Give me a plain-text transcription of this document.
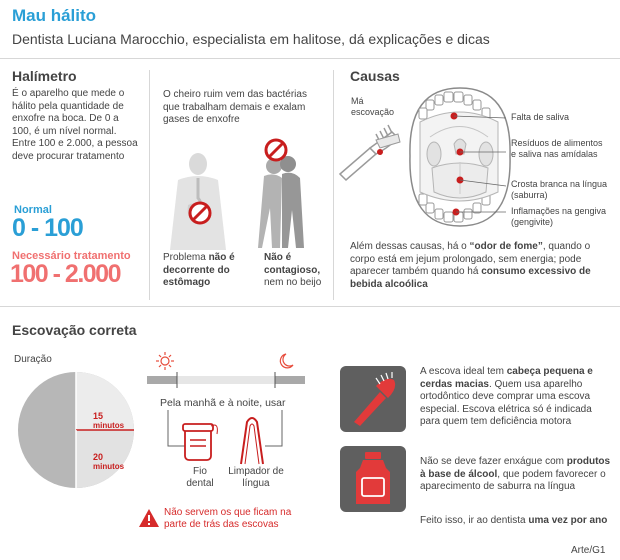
Mau hálito
Dentista Luciana Marocchio, especialista em halitose, dá explicações e dicas
Halímetro
É o aparelho que mede o hálito pela quantidade de enxofre na boca. De 0 a 100, é um nível normal. Entre 100 e 2.000, a pessoa deve procurar tratamento
Normal
0 - 100
Necessário tratamento
100 - 2.000
O cheiro ruim vem das bactérias que trabalham demais e exalam gases de enxofre
Problema não é decorrente do estômago
Não é contagioso, nem no beijo
Causas
Má escovação	Falta de saliva
Resíduos de alimentos e saliva nas amídalas
Crosta branca na língua (saburra)
Inflamações na gengiva (gengivite)
Além dessas causas, há o “odor de fome”, quando o corpo está em jejum prolongado, sem energia; pode aparecer também quando há consumo excessivo de bebida alcoólica
Escovação correta
Duração
15
minutos
20
minutos
Pela manhã e à noite, usar
Fio dental
Limpador de língua
Não servem os que ficam na parte de trás das escovas
A escova ideal tem cabeça pequena e cerdas macias. Quem usa aparelho ortodôntico deve comprar uma escova especial. Escova elétrica só é indicada para quem tem deficiência motora
Não se deve fazer enxágue com produtos à base de álcool, que podem favorecer o aparecimento de saburra na língua
Feito isso, ir ao dentista uma vez por ano
Arte/G1
